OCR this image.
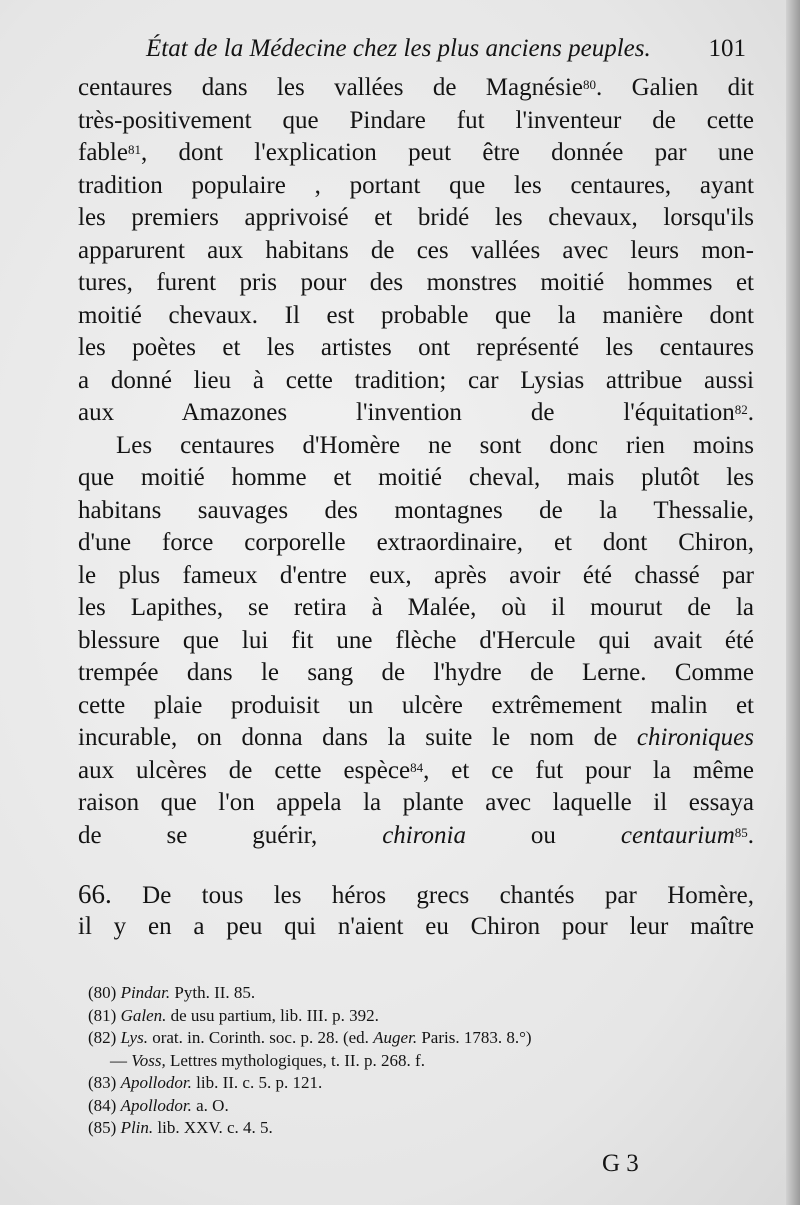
État de la Médecine chez les plus anciens peuples. 101
centaures dans les vallées de Magnésie$^{80}$. Galien dit
très-positivement que Pindare fut l'inventeur de cette
fable$^{81}$, dont l'explication peut être donnée par une
tradition populaire , portant que les centaures, ayant
les premiers apprivoisé et bridé les chevaux, lorsqu'ils
apparurent aux habitans de ces vallées avec leurs mon-
tures, furent pris pour des monstres moitié hommes et
moitié chevaux. Il est probable que la manière dont
les poètes et les artistes ont représenté les centaures
a donné lieu à cette tradition; car Lysias attribue aussi
aux Amazones l'invention de l'équitation$^{82}$.
Les centaures d'Homère ne sont donc rien moins
que moitié homme et moitié cheval, mais plutôt les
habitans sauvages des montagnes de la Thessalie,
d'une force corporelle extraordinaire, et dont Chiron,
le plus fameux d'entre eux, après avoir été chassé par
les Lapithes, se retira à Malée, où il mourut de la
blessure que lui fit une flèche d'Hercule qui avait été
trempée dans le sang de l'hydre de Lerne. Comme
cette plaie produisit un ulcère extrêmement malin et
incurable, on donna dans la suite le nom de chironiques
aux ulcères de cette espèce$^{84}$, et ce fut pour la même
raison que l'on appela la plante avec laquelle il essaya
de se guérir, chironia ou centaurium$^{85}$.
66. De tous les héros grecs chantés par Homère,
il y en a peu qui n'aient eu Chiron pour leur maître
(80) Pindar. Pyth. II. 85.
(81) Galen. de usu partium, lib. III. p. 392.
(82) Lys. orat. in. Corinth. soc. p. 28. (ed. Auger. Paris. 1783. 8.°)
— Voss, Lettres mythologiques, t. II. p. 268. f.
(83) Apollodor. lib. II. c. 5. p. 121.
(84) Apollodor. a. O.
(85) Plin. lib. XXV. c. 4. 5.
G 3
